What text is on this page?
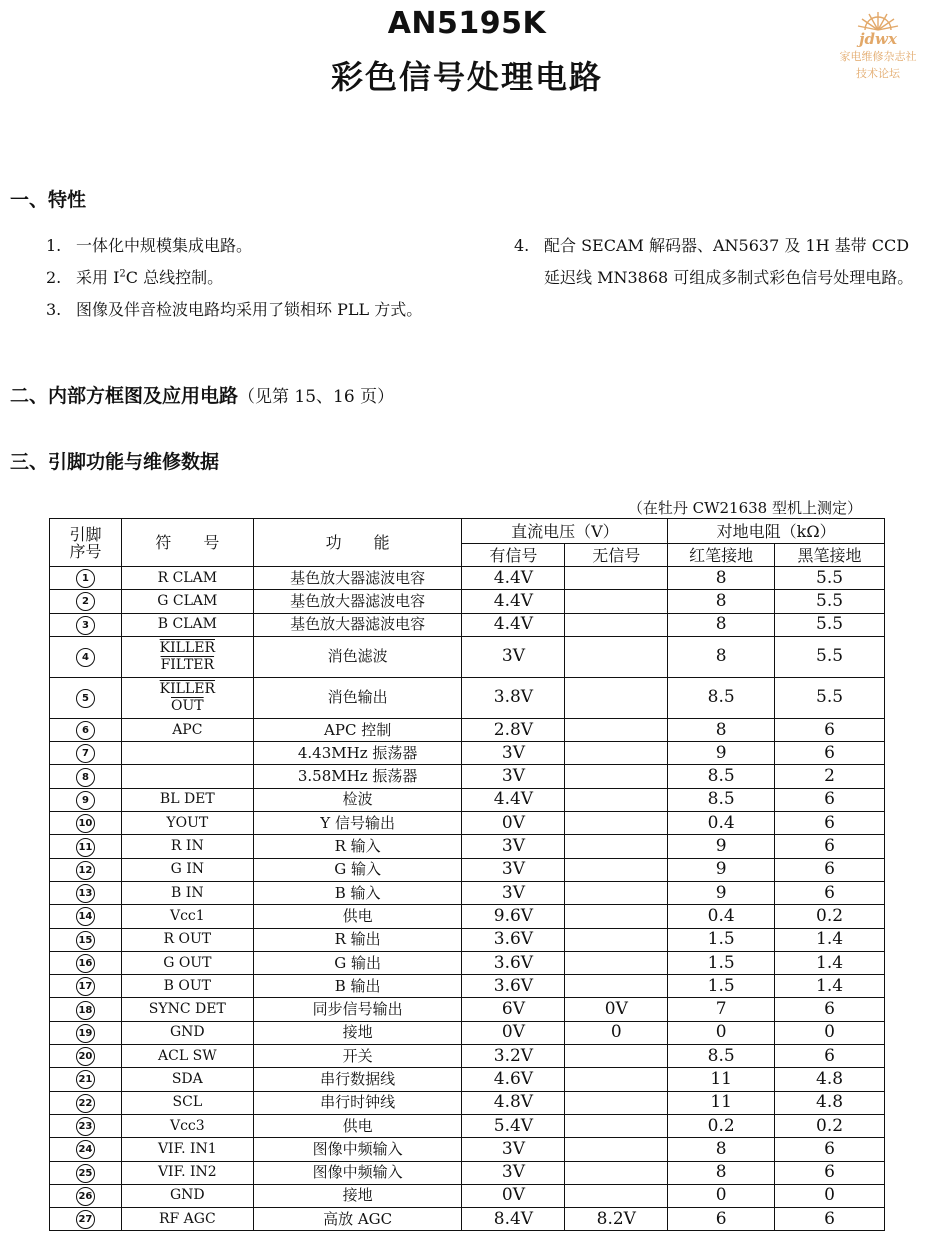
AN5195K
彩色信号处理电路
jdwx
家电维修杂志社
技术论坛
一、特性
1. 一体化中规模集成电路。
2. 采用 $I^2C$ 总线控制。
3. 图像及伴音检波电路均采用了锁相环 PLL 方式。
4. 配合 SECAM 解码器、AN5637 及 1H 基带 CCD 延迟线 MN3868 可组成多制式彩色信号处理电路。
二、内部方框图及应用电路（见第 15、16 页）
三、引脚功能与维修数据
（在牡丹 CW21638 型机上测定）
引脚
序号	符　　号	功　　能	直流电压（V）		对地电阻（kΩ）	
			有信号	无信号	红笔接地	黑笔接地
1	R CLAM	基色放大器滤波电容	4.4V		8	5.5
2	G CLAM	基色放大器滤波电容	4.4V		8	5.5
3	B CLAM	基色放大器滤波电容	4.4V		8	5.5
4	KILLER
FILTER	消色滤波	3V		8	5.5
5	KILLER
$\overline{OUT}$	消色输出	3.8V		8.5	5.5
6	APC	APC 控制	2.8V		8	6
7		4.43MHz 振荡器	3V		9	6
8		3.58MHz 振荡器	3V		8.5	2
9	BL DET	检波	4.4V		8.5	6
10	YOUT	Y 信号输出	0V		0.4	6
11	R IN	R 输入	3V		9	6
12	G IN	G 输入	3V		9	6
13	B IN	B 输入	3V		9	6
14	Vcc1	供电	9.6V		0.4	0.2
15	R OUT	R 输出	3.6V		1.5	1.4
16	G OUT	G 输出	3.6V		1.5	1.4
17	B OUT	B 输出	3.6V		1.5	1.4
18	SYNC DET	同步信号输出	6V	0V	7	6
19	GND	接地	0V	0	0	0
20	ACL SW	开关	3.2V		8.5	6
21	SDA	串行数据线	4.6V		11	4.8
22	SCL	串行时钟线	4.8V		11	4.8
23	Vcc3	供电	5.4V		0.2	0.2
24	VIF. IN1	图像中频输入	3V		8	6
25	VIF. IN2	图像中频输入	3V		8	6
26	GND	接地	0V		0	0
27	RF AGC	高放 AGC	8.4V	8.2V	6	6
